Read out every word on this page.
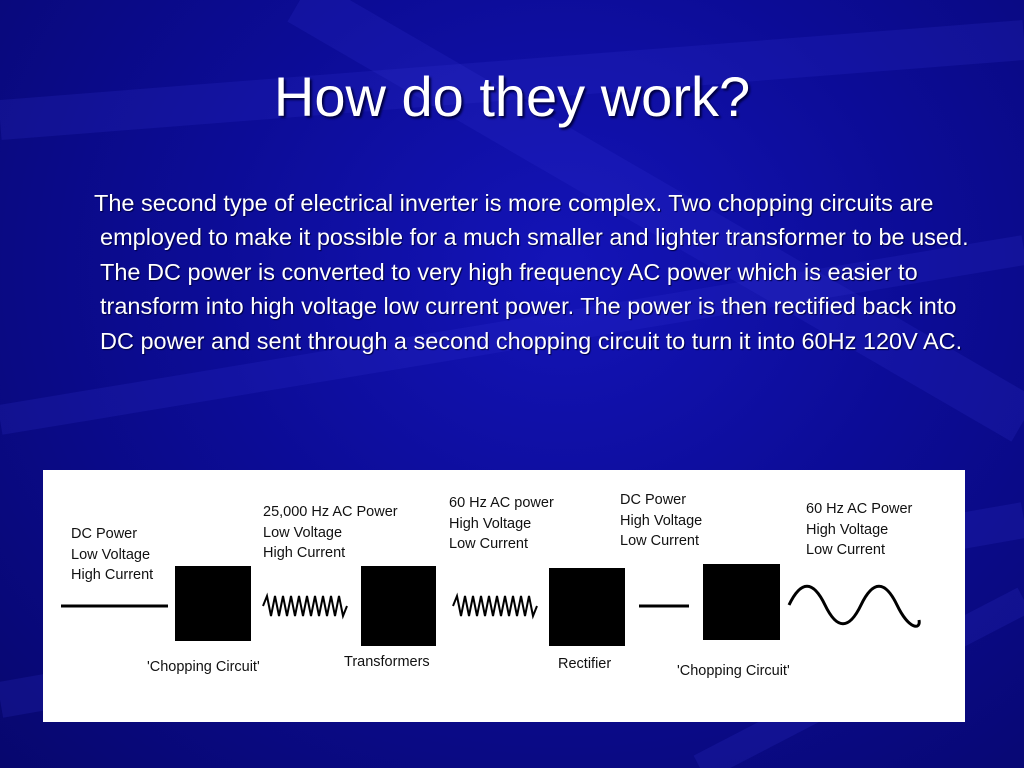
How do they work?
The second type of electrical inverter is more complex. Two chopping circuits are employed to make it possible for a much smaller and lighter transformer to be used. The DC power is converted to very high frequency AC power which is easier to transform into high voltage low current power. The power is then rectified back into DC power and sent through a second chopping circuit to turn it into 60Hz 120V AC.
DC Power
Low Voltage
High Current
25,000 Hz AC Power
Low Voltage
High Current
60 Hz AC power
High Voltage
Low Current
DC Power
High Voltage
Low Current
60 Hz AC Power
High Voltage
Low Current
'Chopping Circuit'	Transformers	Rectifier	'Chopping Circuit'
